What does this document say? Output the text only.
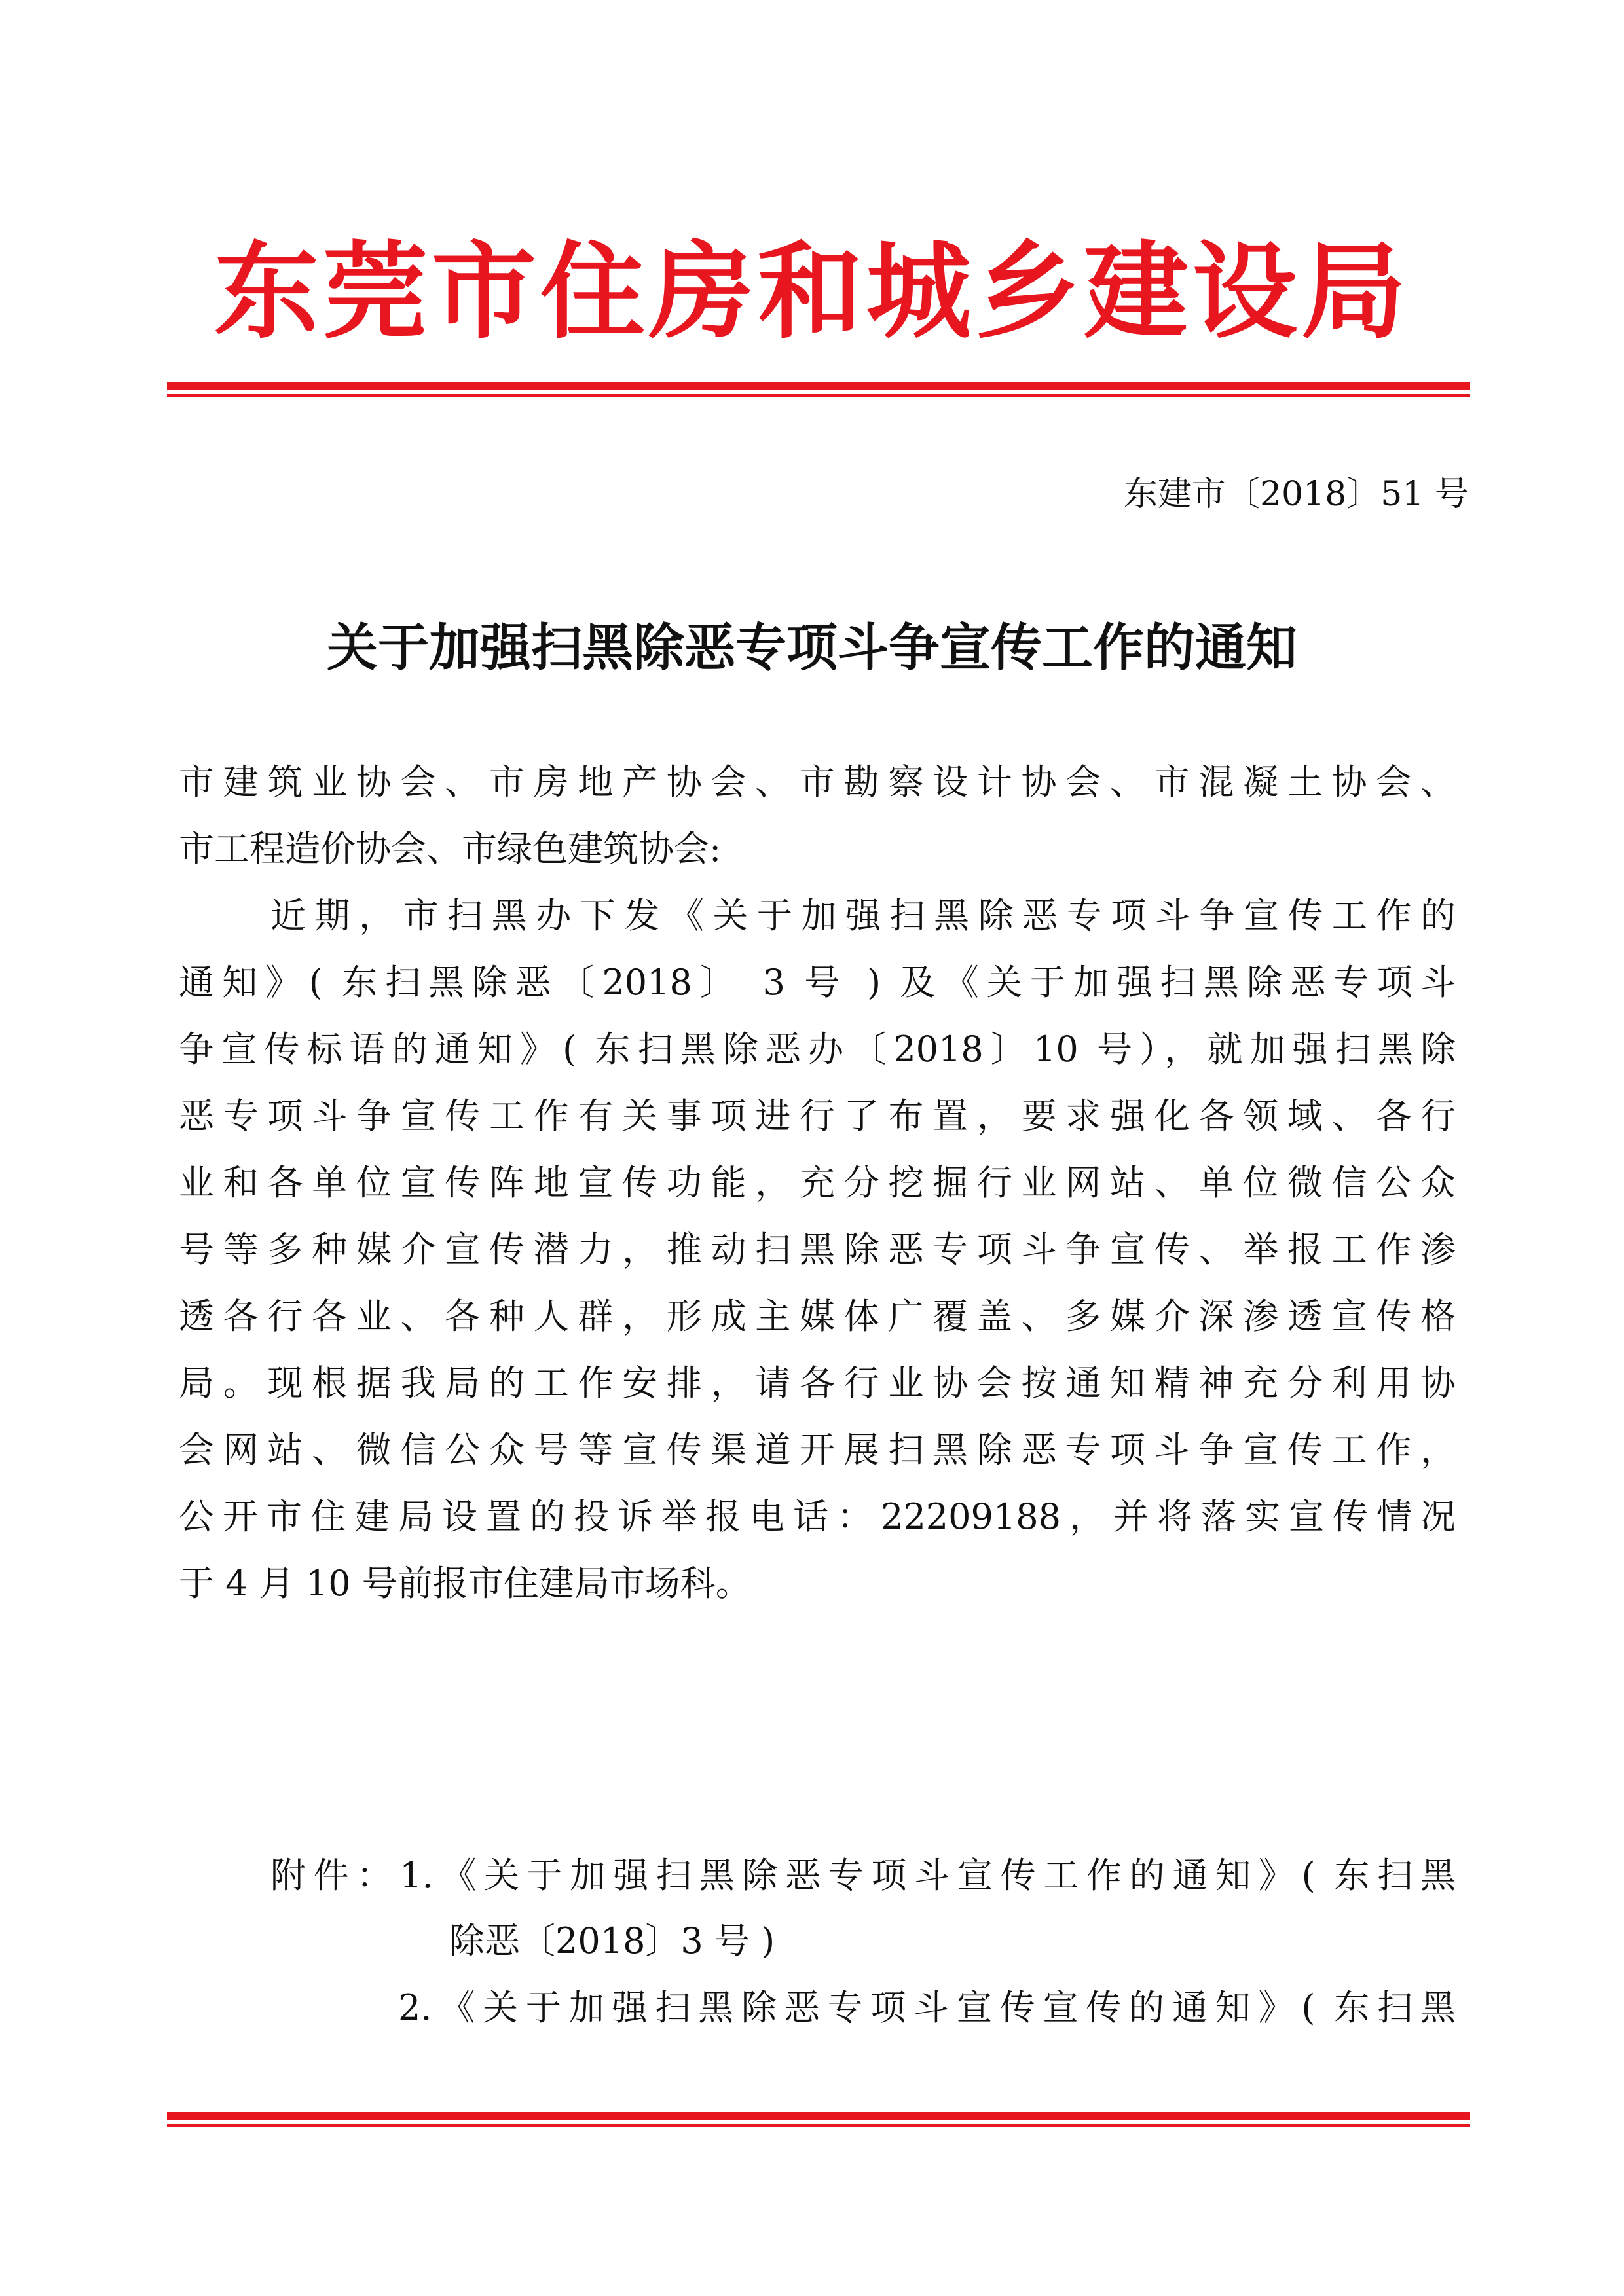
东莞市住房和城乡建设局
东建市〔2018〕51 号
关于加强扫黑除恶专项斗争宣传工作的通知
市建筑业协会、市房地产协会、市勘察设计协会、市混凝土协会、
市工程造价协会、市绿色建筑协会:
近期，市扫黑办下发《关于加强扫黑除恶专项斗争宣传工作的
通知》( 东扫黑除恶〔2018〕 3 号 ) 及《关于加强扫黑除恶专项斗
争宣传标语的通知》( 东扫黑除恶办〔2018〕10 号），就加强扫黑除
恶专项斗争宣传工作有关事项进行了布置，要求强化各领域、各行
业和各单位宣传阵地宣传功能，充分挖掘行业网站、单位微信公众
号等多种媒介宣传潜力，推动扫黑除恶专项斗争宣传、举报工作渗
透各行各业、各种人群，形成主媒体广覆盖、多媒介深渗透宣传格
局。现根据我局的工作安排，请各行业协会按通知精神充分利用协
会网站、微信公众号等宣传渠道开展扫黑除恶专项斗争宣传工作，
公开市住建局设置的投诉举报电话：22209188，并将落实宣传情况
于 4 月 10 号前报市住建局市场科。
附件：1.《关于加强扫黑除恶专项斗宣传工作的通知》( 东扫黑
除恶〔2018〕3 号 )
2.《关于加强扫黑除恶专项斗宣传宣传的通知》( 东扫黑
